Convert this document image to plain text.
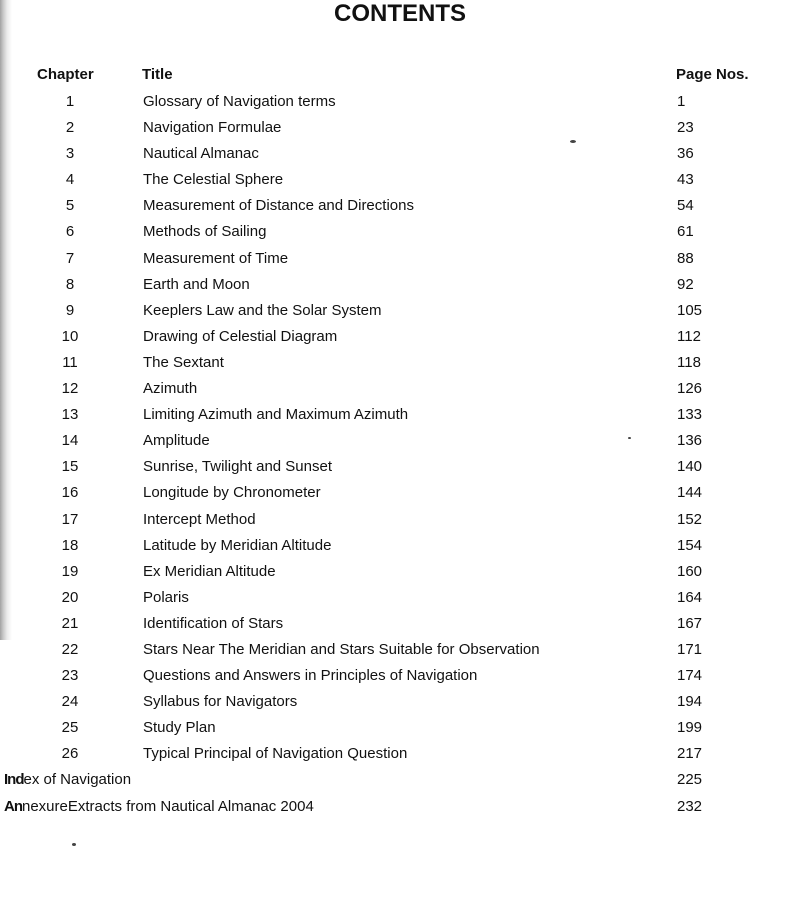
CONTENTS
Chapter	Title	Page Nos.
1	Glossary of Navigation terms	1
2	Navigation Formulae	23
3	Nautical Almanac	36
4	The Celestial Sphere	43
5	Measurement of Distance and Directions	54
6	Methods of Sailing	61
7	Measurement of Time	88
8	Earth and Moon	92
9	Keeplers Law and the Solar System	105
10	Drawing of Celestial Diagram	112
11	The Sextant	118
12	Azimuth	126
13	Limiting Azimuth and Maximum Azimuth	133
14	Amplitude	136
15	Sunrise, Twilight and Sunset	140
16	Longitude by Chronometer	144
17	Intercept Method	152
18	Latitude by Meridian Altitude	154
19	Ex Meridian Altitude	160
20	Polaris	164
21	Identification of Stars	167
22	Stars Near The Meridian and Stars Suitable for Observation	171
23	Questions and Answers in Principles of Navigation	174
24	Syllabus for Navigators	194
25	Study Plan	199
26	Typical Principal of Navigation Question	217
Index of Navigation	225
AnnexureExtracts from Nautical Almanac 2004	232
